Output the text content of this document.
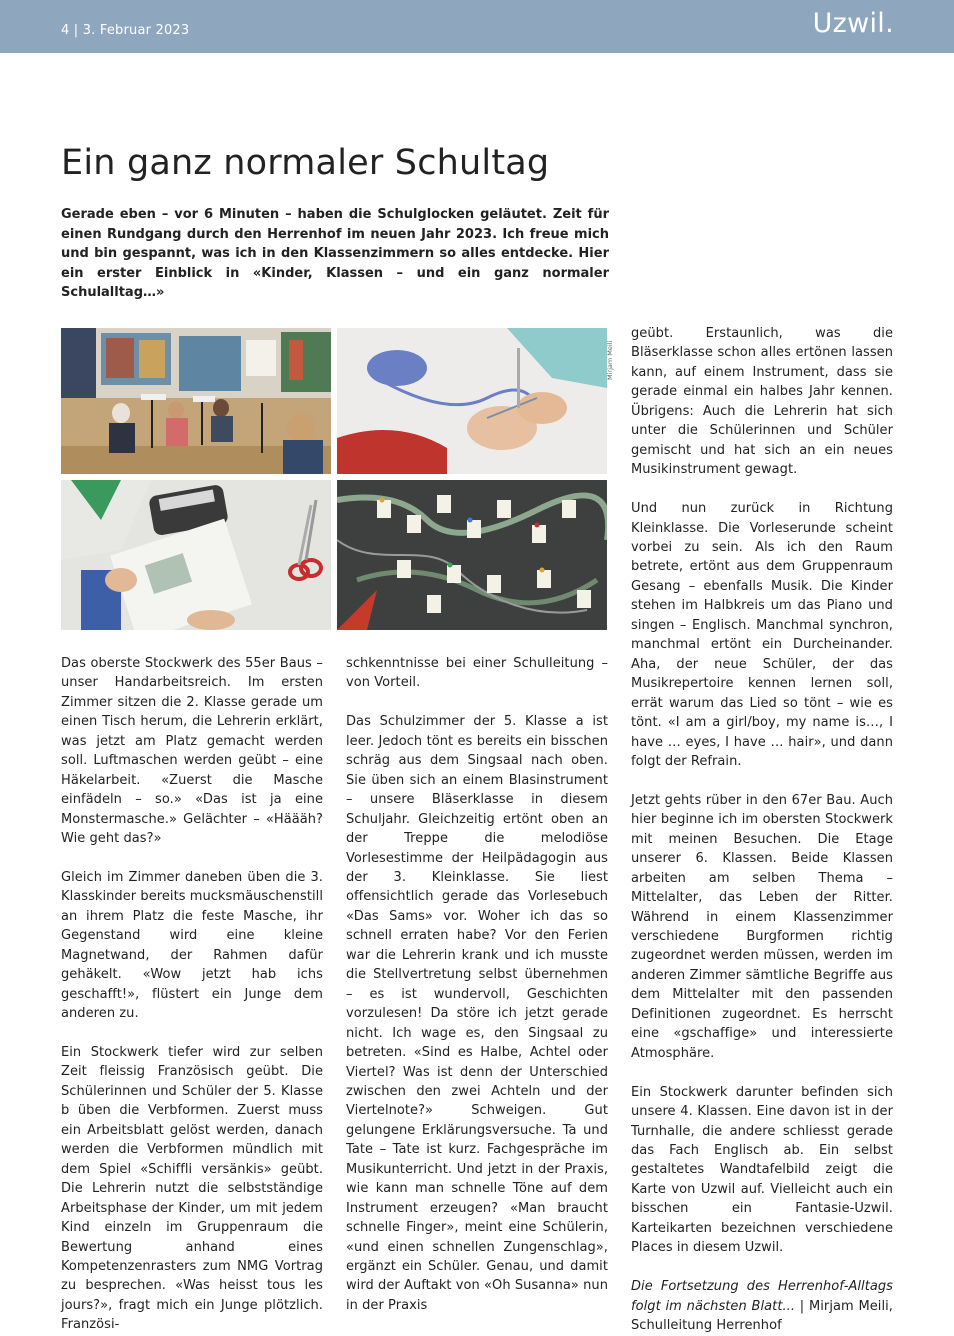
4 | 3. Februar 2023	Uzwil.
Ein ganz normaler Schultag

Gerade eben – vor 6 Minuten – haben die Schulglocken geläutet. Zeit für einen Rundgang durch den Herrenhof im neuen Jahr 2023. Ich freue mich und bin gespannt, was ich in den Klassenzimmern so alles entdecke. Hier ein erster Einblick in «Kinder, Klassen – und ein ganz normaler Schulalltag…»

Mirjam Meili

Das oberste Stockwerk des 55er Baus – unser Handarbeitsreich. Im ersten Zimmer sitzen die 2. Klasse gerade um einen Tisch herum, die Lehrerin erklärt, was jetzt am Platz gemacht werden soll. Luftmaschen werden geübt – eine Häkelarbeit. «Zuerst die Masche einfädeln – so.» «Das ist ja eine Monstermasche.» Gelächter – «Häääh? Wie geht das?»

Gleich im Zimmer daneben üben die 3. Klasskinder bereits mucksmäuschenstill an ihrem Platz die feste Masche, ihr Gegenstand wird eine kleine Magnetwand, der Rahmen dafür gehäkelt. «Wow jetzt hab ichs geschafft!», flüstert ein Junge dem anderen zu.

Ein Stockwerk tiefer wird zur selben Zeit fleissig Französisch geübt. Die Schülerinnen und Schüler der 5. Klasse b üben die Verbformen. Zuerst muss ein Arbeitsblatt gelöst werden, danach werden die Verbformen mündlich mit dem Spiel «Schiffli versänkis» geübt. Die Lehrerin nutzt die selbstständige Arbeitsphase der Kinder, um mit jedem Kind einzeln im Gruppenraum die Bewertung anhand eines Kompetenzenrasters zum NMG Vortrag zu besprechen. «Was heisst tous les jours?», fragt mich ein Junge plötzlich. Französi-

schkenntnisse bei einer Schulleitung – von Vorteil.

Das Schulzimmer der 5. Klasse a ist leer. Jedoch tönt es bereits ein bisschen schräg aus dem Singsaal nach oben. Sie üben sich an einem Blasinstrument – unsere Bläserklasse in diesem Schuljahr. Gleichzeitig ertönt oben an der Treppe die melodiöse Vorlesestimme der Heilpädagogin aus der 3. Kleinklasse. Sie liest offensichtlich gerade das Vorlesebuch «Das Sams» vor. Woher ich das so schnell erraten habe? Vor den Ferien war die Lehrerin krank und ich musste die Stellvertretung selbst übernehmen – es ist wundervoll, Geschichten vorzulesen! Da störe ich jetzt gerade nicht. Ich wage es, den Singsaal zu betreten. «Sind es Halbe, Achtel oder Viertel? Was ist denn der Unterschied zwischen den zwei Achteln und der Viertelnote?» Schweigen. Gut gelungene Erklärungsversuche. Ta und Tate – Tate ist kurz. Fachgespräche im Musikunterricht. Und jetzt in der Praxis, wie kann man schnelle Töne auf dem Instrument erzeugen? «Man braucht schnelle Finger», meint eine Schülerin, «und einen schnellen Zungenschlag», ergänzt ein Schüler. Genau, und damit wird der Auftakt von «Oh Susanna» nun in der Praxis

geübt. Erstaunlich, was die Bläserklasse schon alles ertönen lassen kann, auf einem Instrument, dass sie gerade einmal ein halbes Jahr kennen. Übrigens: Auch die Lehrerin hat sich unter die Schülerinnen und Schüler gemischt und hat sich an ein neues Musikinstrument gewagt.

Und nun zurück in Richtung Kleinklasse. Die Vorleserunde scheint vorbei zu sein. Als ich den Raum betrete, ertönt aus dem Gruppenraum Gesang – ebenfalls Musik. Die Kinder stehen im Halbkreis um das Piano und singen – Englisch. Manchmal synchron, manchmal ertönt ein Durcheinander. Aha, der neue Schüler, der das Musikrepertoire kennen lernen soll, errät warum das Lied so tönt – wie es tönt. «I am a girl/boy, my name is…, I have … eyes, I have … hair», und dann folgt der Refrain.

Jetzt gehts rüber in den 67er Bau. Auch hier beginne ich im obersten Stockwerk mit meinen Besuchen. Die Etage unserer 6. Klassen. Beide Klassen arbeiten am selben Thema – Mittelalter, das Leben der Ritter. Während in einem Klassenzimmer verschiedene Burgformen richtig zugeordnet werden müssen, werden im anderen Zimmer sämtliche Begriffe aus dem Mittelalter mit den passenden Definitionen zugeordnet. Es herrscht eine «gschaffige» und interessierte Atmosphäre.

Ein Stockwerk darunter befinden sich unsere 4. Klassen. Eine davon ist in der Turnhalle, die andere schliesst gerade das Fach Englisch ab. Ein selbst gestaltetes Wandtafelbild zeigt die Karte von Uzwil auf. Vielleicht auch ein bisschen ein Fantasie-Uzwil. Karteikarten bezeichnen verschiedene Places in diesem Uzwil.

Die Fortsetzung des Herrenhof-Alltags folgt im nächsten Blatt... | Mirjam Meili, Schulleitung Herrenhof
